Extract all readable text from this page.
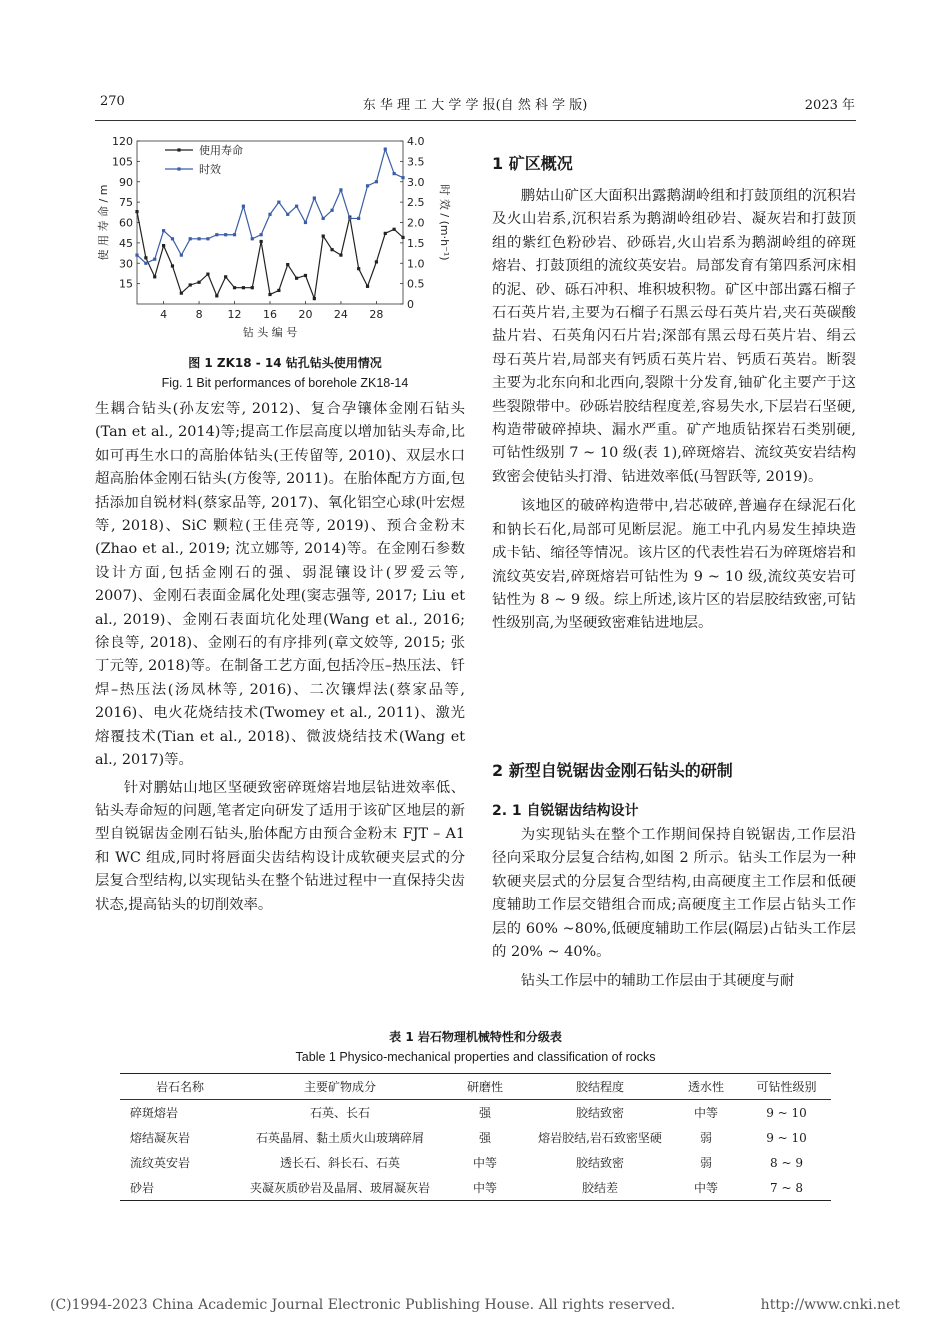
270	东 华 理 工 大 学 学 报(自 然 科 学 版)	2023 年
15
30
45
60
75
90
105
120
0
0.5
1.0
1.5
2.0
2.5
3.0
3.5
4.0
4	8 12 16 20 24 28
钻 头 编 号
使 用 寿 命 / m	时 效 / (m·h⁻¹)
使用寿命
时效
图 1 ZK18 - 14 钻孔钻头使用情况
Fig. 1 Bit performances of borehole ZK18-14

生耦合钻头(孙友宏等, 2012)、复合孕镶体金刚石钻头(Tan et al., 2014)等;提高工作层高度以增加钻头寿命,比如可再生水口的高胎体钻头(王传留等, 2010)、双层水口超高胎体金刚石钻头(方俊等, 2011)。在胎体配方方面,包括添加自锐材料(蔡家品等, 2017)、氧化铝空心球(叶宏煜等, 2018)、SiC 颗粒(王佳亮等, 2019)、预合金粉末(Zhao et al., 2019; 沈立娜等, 2014)等。在金刚石参数设计方面,包括金刚石的强、弱混镶设计(罗爱云等, 2007)、金刚石表面金属化处理(窦志强等, 2017; Liu et al., 2019)、金刚石表面坑化处理(Wang et al., 2016; 徐良等, 2018)、金刚石的有序排列(章文姣等, 2015; 张丁元等, 2018)等。在制备工艺方面,包括冷压–热压法、钎焊–热压法(汤凤林等, 2016)、二次镶焊法(蔡家品等, 2016)、电火花烧结技术(Twomey et al., 2011)、激光熔覆技术(Tian et al., 2018)、微波烧结技术(Wang et al., 2017)等。

针对鹏姑山地区坚硬致密碎斑熔岩地层钻进效率低、钻头寿命短的问题,笔者定向研发了适用于该矿区地层的新型自锐锯齿金刚石钻头,胎体配方由预合金粉末 FJT – A1 和 WC 组成,同时将唇面尖齿结构设计成软硬夹层式的分层复合型结构,以实现钻头在整个钻进过程中一直保持尖齿状态,提高钻头的切削效率。

1 矿区概况

鹏姑山矿区大面积出露鹅湖岭组和打鼓顶组的沉积岩及火山岩系,沉积岩系为鹅湖岭组砂岩、凝灰岩和打鼓顶组的紫红色粉砂岩、砂砾岩,火山岩系为鹅湖岭组的碎斑熔岩、打鼓顶组的流纹英安岩。局部发育有第四系河床相的泥、砂、砾石冲积、堆积坡积物。矿区中部出露石榴子石石英片岩,主要为石榴子石黑云母石英片岩,夹石英碳酸盐片岩、石英角闪石片岩;深部有黑云母石英片岩、绢云母石英片岩,局部夹有钙质石英片岩、钙质石英岩。断裂主要为北东向和北西向,裂隙十分发育,铀矿化主要产于这些裂隙带中。砂砾岩胶结程度差,容易失水,下层岩石坚硬,构造带破碎掉块、漏水严重。矿产地质钻探岩石类别硬,可钻性级别 7 ~ 10 级(表 1),碎斑熔岩、流纹英安岩结构致密会使钻头打滑、钻进效率低(马智跃等, 2019)。

该地区的破碎构造带中,岩芯破碎,普遍存在绿泥石化和钠长石化,局部可见断层泥。施工中孔内易发生掉块造成卡钻、缩径等情况。该片区的代表性岩石为碎斑熔岩和流纹英安岩,碎斑熔岩可钻性为 9 ~ 10 级,流纹英安岩可钻性为 8 ~ 9 级。综上所述,该片区的岩层胶结致密,可钻性级别高,为坚硬致密难钻进地层。

2 新型自锐锯齿金刚石钻头的研制
2. 1 自锐锯齿结构设计

为实现钻头在整个工作期间保持自锐锯齿,工作层沿径向采取分层复合结构,如图 2 所示。钻头工作层为一种软硬夹层式的分层复合型结构,由高硬度主工作层和低硬度辅助工作层交错组合而成;高硬度主工作层占钻头工作层的 60% ~80%,低硬度辅助工作层(隔层)占钻头工作层的 20% ~ 40%。

钻头工作层中的辅助工作层由于其硬度与耐

表 1 岩石物理机械特性和分级表
Table 1 Physico-mechanical properties and classification of rocks
岩石名称	主要矿物成分	研磨性	胶结程度	透水性	可钻性级别
碎斑熔岩	石英、长石	强	胶结致密	中等	9 ~ 10
熔结凝灰岩	石英晶屑、黏土质火山玻璃碎屑	强	熔岩胶结,岩石致密坚硬	弱	9 ~ 10
流纹英安岩	透长石、斜长石、石英	中等	胶结致密	弱	8 ~ 9
砂岩	夹凝灰质砂岩及晶屑、玻屑凝灰岩	中等	胶结差	中等	7 ~ 8
(C)1994-2023 China Academic Journal Electronic Publishing House. All rights reserved.	http://www.cnki.net
